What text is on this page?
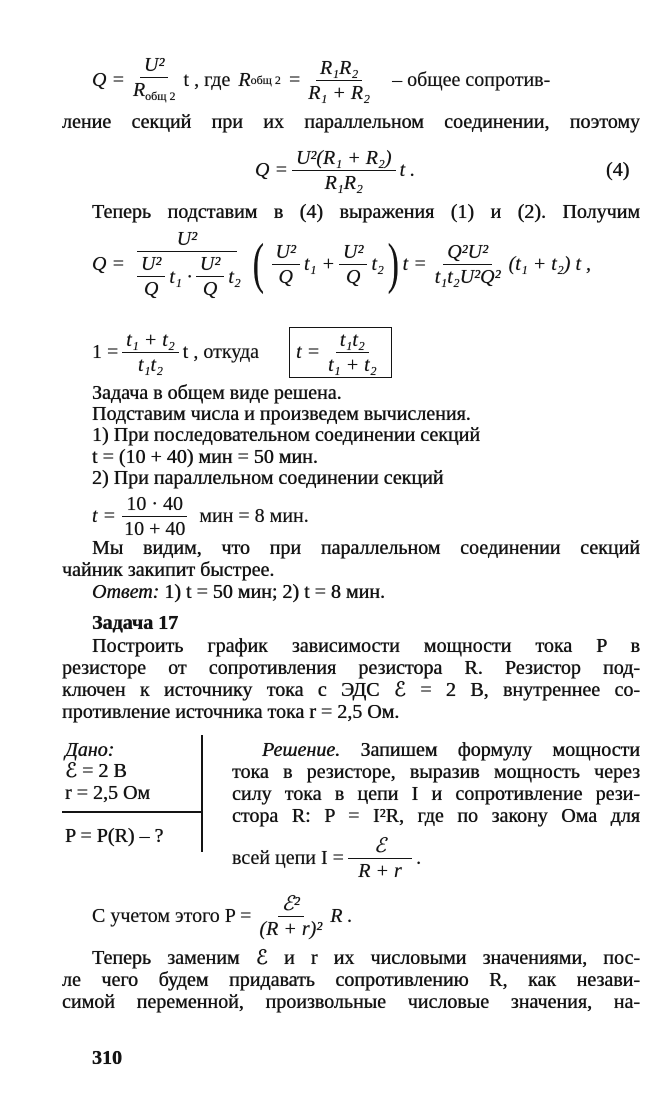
$Q = \frac{\text{U²}}{R_{общ 2}}$ t , где R общ $2 = \frac{\text{R₁R₂}}{\text{R₁ + R₂}}$ – общее сопротив-
ление секций при их параллельном соединении, поэтому
$Q = \frac{\text{U²(R₁ + R₂)}}{\text{R₁R₂}}$ t .	(4)
Теперь подставим в (4) выражения (1) и (2). Получим
$Q = \frac{\text{U²}}{\frac{\text{U²}}{Q} t_1 \cdot \frac{\text{U²}}{Q} t_2}$ ( $\frac{\text{U²}}{Q} t_1 + \frac{\text{U²}}{Q} t_2$ ) $t = \frac{\text{Q²U²}}{\text{t₁t₂U²Q²}} (t_1 + t_2)$ t ,
$1 = \frac{\text{t₁ + t₂}}{\text{t₁t₂}}$ t , откуда $t = \frac{\text{t₁t₂}}{\text{t₁ + t₂}}$
Задача в общем виде решена.
Подставим числа и произведем вычисления.
1) При последовательном соединении секций
t = (10 + 40) мин = 50 мин.
2) При параллельном соединении секций
$t = \frac{10 \cdot 40}{10 + 40}$ мин = 8 мин.
Мы видим, что при параллельном соединении секций
чайник закипит быстрее.
Ответ: 1) t = 50 мин; 2) t = 8 мин.
Задача 17
Построить график зависимости мощности тока P в
резисторе от сопротивления резистора R. Резистор под-
ключен к источнику тока с ЭДС ℰ = 2 В, внутреннее со-
противление источника тока r = 2,5 Ом.
Дано:
ℰ = 2 В
r = 2,5 Ом
P = P(R) – ?
Решение. Запишем формулу мощности
тока в резисторе, выразив мощность через
силу тока в цепи I и сопротивление рези-
стора R: P = I²R, где по закону Ома для
всей цепи $I = \frac{\text{ℰ}}{R + r}$ .
С учетом этого $P = \frac{\text{ℰ²}}{\text{(R + r)²}}$ R .
Теперь заменим ℰ и r их числовыми значениями, пос-
ле чего будем придавать сопротивлению R, как незави-
симой переменной, произвольные числовые значения, на-
310
